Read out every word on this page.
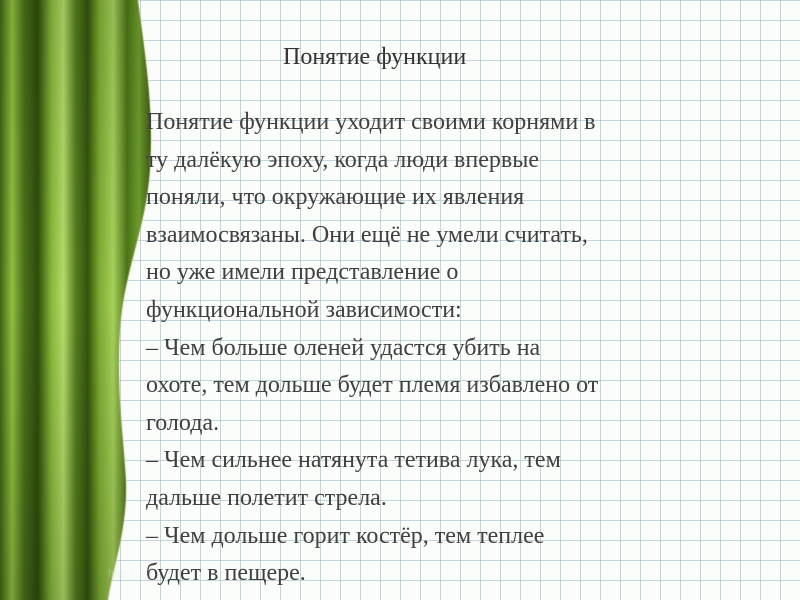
Понятие функции
Понятие функции уходит своими корнями в
ту далёкую эпоху, когда люди впервые
поняли, что окружающие их явления
взаимосвязаны. Они ещё не умели считать,
но уже имели представление о
функциональной зависимости:
– Чем больше оленей удастся убить на
охоте, тем дольше будет племя избавлено от
голода.
– Чем сильнее натянута тетива лука, тем
дальше полетит стрела.
– Чем дольше горит костёр, тем теплее
будет в пещере.
http://...
